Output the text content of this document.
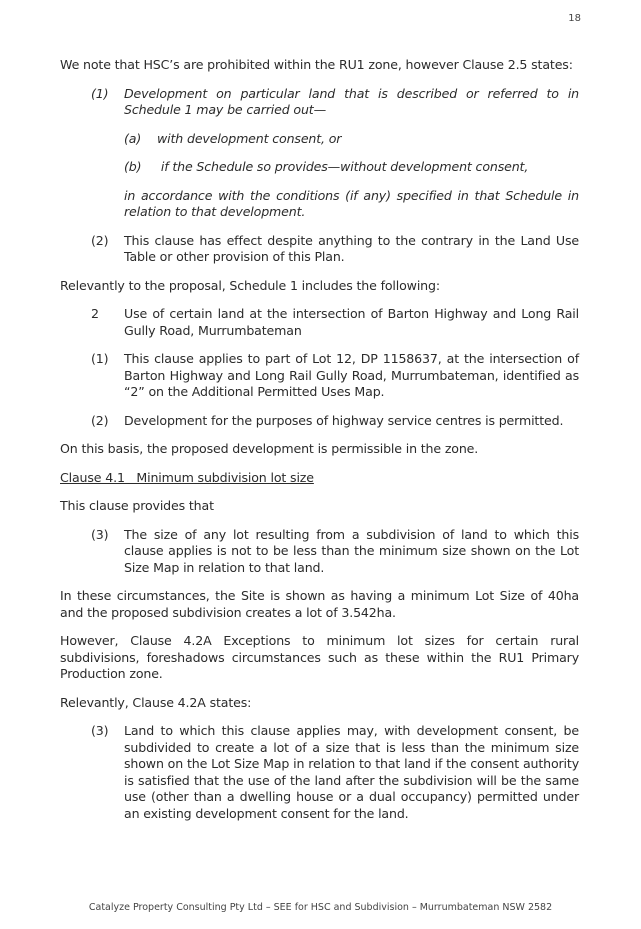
18

We note that HSC’s are prohibited within the RU1 zone, however Clause 2.5 states:

(1)	Development on particular land that is described or referred to in Schedule 1 may be carried out—
(a)	with development consent, or
(b)	if the Schedule so provides—without development consent,

in accordance with the conditions (if any) specified in that Schedule in relation to that development.

(2)	This clause has effect despite anything to the contrary in the Land Use Table or other provision of this Plan.

Relevantly to the proposal, Schedule 1 includes the following:

2	Use of certain land at the intersection of Barton Highway and Long Rail Gully Road, Murrumbateman
(1)	This clause applies to part of Lot 12, DP 1158637, at the intersection of Barton Highway and Long Rail Gully Road, Murrumbateman, identified as “2” on the Additional Permitted Uses Map.
(2)	Development for the purposes of highway service centres is permitted.

On this basis, the proposed development is permissible in the zone.

Clause 4.1   Minimum subdivision lot size

This clause provides that

(3)	The size of any lot resulting from a subdivision of land to which this clause applies is not to be less than the minimum size shown on the Lot Size Map in relation to that land.

In these circumstances, the Site is shown as having a minimum Lot Size of 40ha and the proposed subdivision creates a lot of 3.542ha.

However, Clause 4.2A Exceptions to minimum lot sizes for certain rural subdivisions, foreshadows circumstances such as these within the RU1 Primary Production zone.

Relevantly, Clause 4.2A states:

(3)	Land to which this clause applies may, with development consent, be subdivided to create a lot of a size that is less than the minimum size shown on the Lot Size Map in relation to that land if the consent authority is satisfied that the use of the land after the subdivision will be the same use (other than a dwelling house or a dual occupancy) permitted under an existing development consent for the land.
Catalyze Property Consulting Pty Ltd – SEE for HSC and Subdivision – Murrumbateman NSW 2582
